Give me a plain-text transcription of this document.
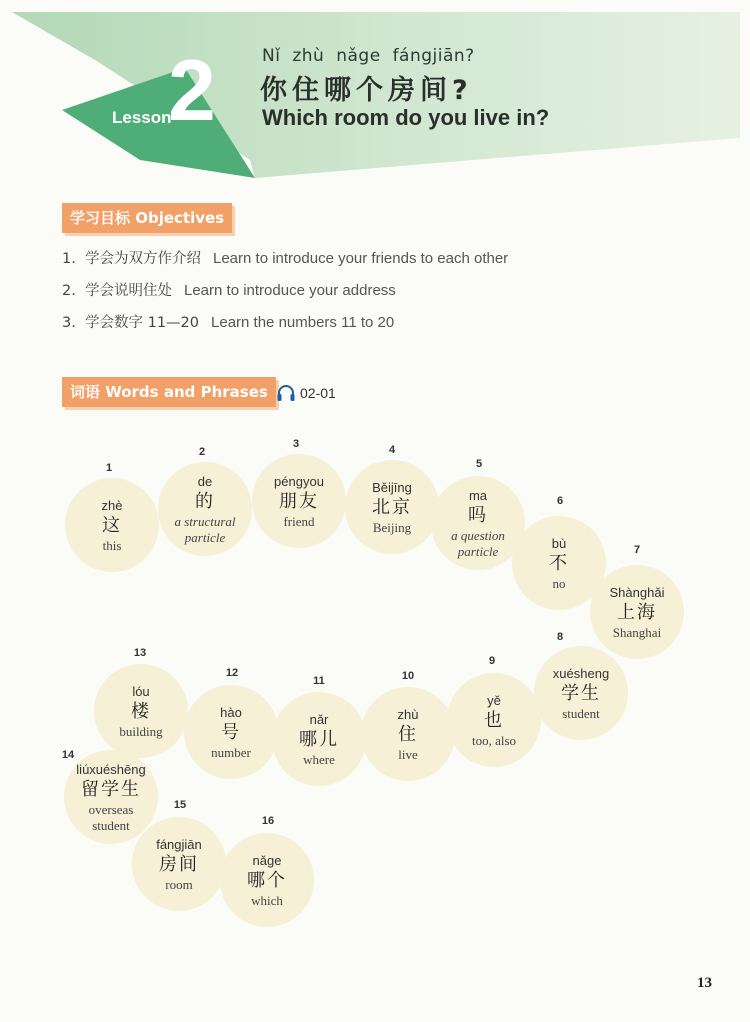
Lesson
2	Nǐ zhù nǎge fángjiān?
你住哪个房间?
Which room do you live in?
学习目标 Objectives
1. 学会为双方作介绍 Learn to introduce your friends to each other
2. 学会说明住处 Learn to introduce your address
3. 学会数字 11—20 Learn the numbers 11 to 20
词语 Words and Phrases	02-01
1
zhè
这
this
2
de
的
a structural particle
3
péngyou
朋友
friend
4
Běijīng
北京
Beijing
5
ma
吗
a question particle
6
bù
不
no
7
Shànghǎi
上海
Shanghai
8
xuésheng
学生
student
9
yě
也
too, also
10
zhù
住
live
11
nǎr
哪儿
where
12
hào
号
number
13
lóu
楼
building
14
liúxuéshēng
留学生
overseas student
15
fángjiān
房间
room
16
nǎge
哪个
which
13
